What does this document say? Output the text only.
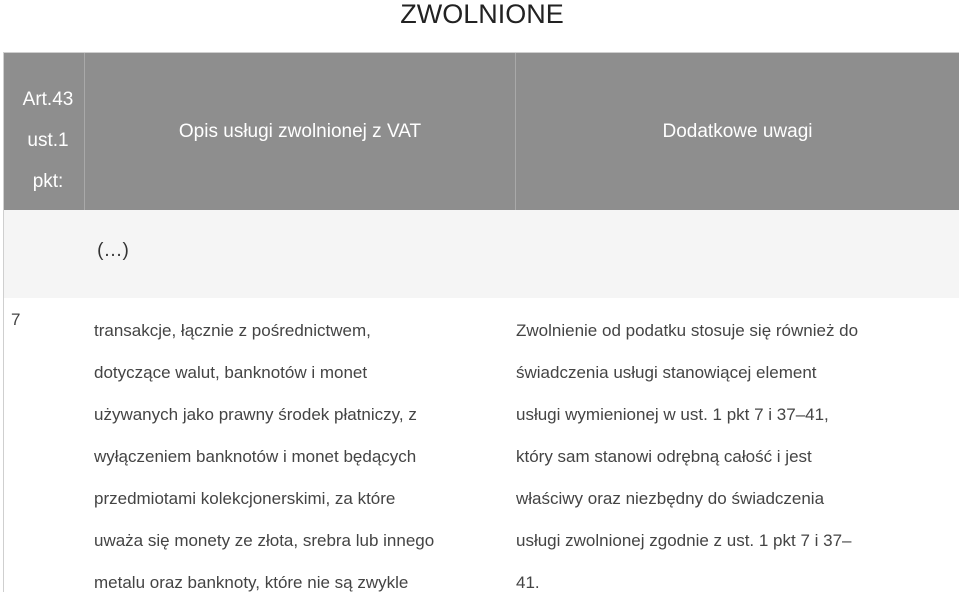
ZWOLNIONE
Art.43
ust.1
pkt:
Opis usługi zwolnionej z VAT	Dodatkowe uwagi
(…)
7
transakcje, łącznie z pośrednictwem,
dotyczące walut, banknotów i monet
używanych jako prawny środek płatniczy, z
wyłączeniem banknotów i monet będących
przedmiotami kolekcjonerskimi, za które
uważa się monety ze złota, srebra lub innego
metalu oraz banknoty, które nie są zwykle
Zwolnienie od podatku stosuje się również do
świadczenia usługi stanowiącej element
usługi wymienionej w ust. 1 pkt 7 i 37–41,
który sam stanowi odrębną całość i jest
właściwy oraz niezbędny do świadczenia
usługi zwolnionej zgodnie z ust. 1 pkt 7 i 37–
41.
